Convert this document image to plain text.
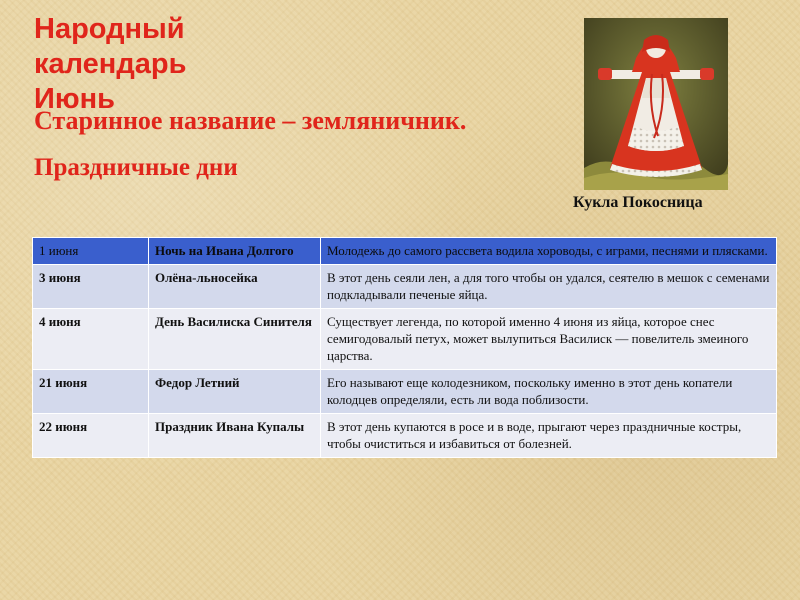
Народный
календарь
Июнь
Старинное название – земляничник.
Праздничные дни
Кукла Покосница
1 июня	Ночь на Ивана Долгого	Молодежь до самого рассвета водила хороводы, с играми, песнями и плясками.
3 июня	Олёна-льносейка	В этот день сеяли лен, а для того чтобы он удался, сеятелю в мешок с семенами подкладывали печеные яйца.
4 июня	День Василиска Синителя	Существует легенда, по которой именно 4 июня из яйца, которое снес семигодовалый петух, может вылупиться Василиск — повелитель змеиного царства.
21 июня	Федор Летний	Его называют еще колодезником, поскольку именно в этот день копатели колодцев определяли, есть ли вода поблизости.
22 июня	Праздник Ивана Купалы	В этот день купаются в росе и в воде, прыгают через праздничные костры, чтобы очиститься и избавиться от болезней.
